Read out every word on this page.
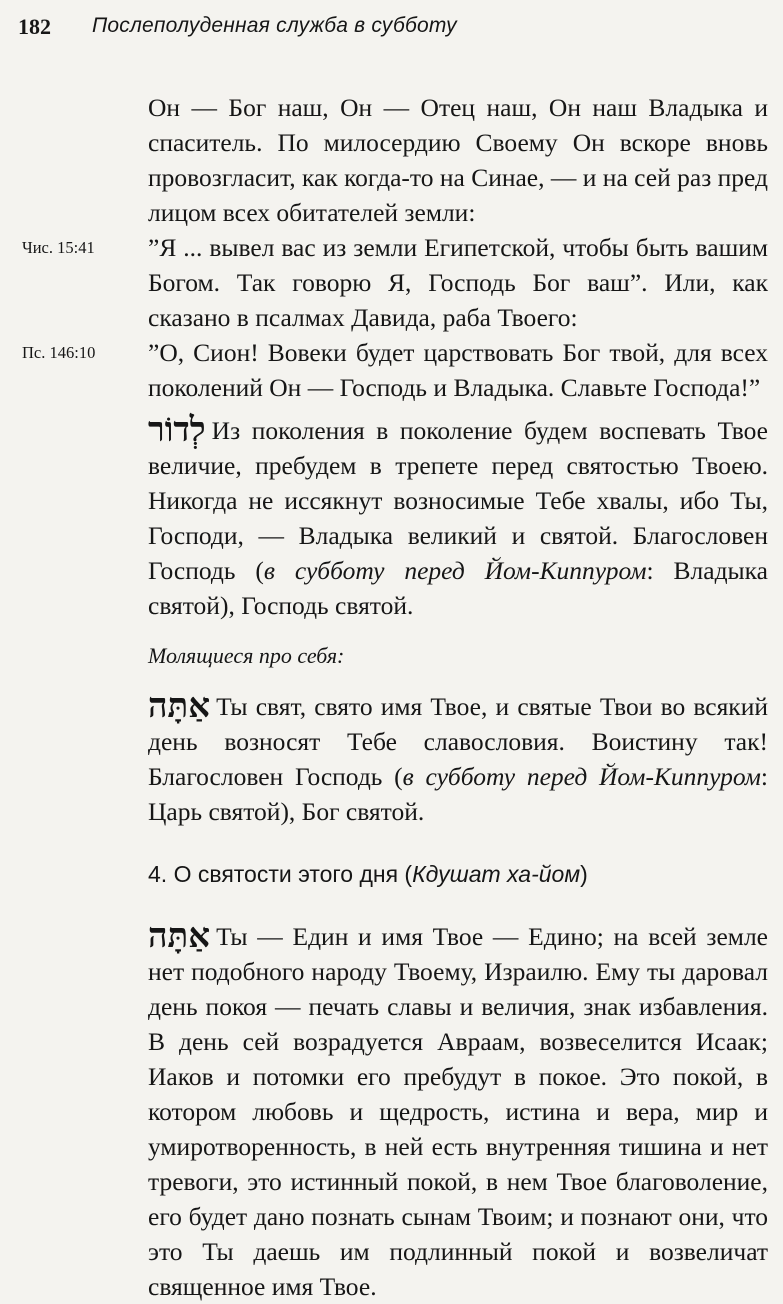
182 Послеполуденная служба в субботу

Он — Бог наш, Он — Отец наш, Он наш Владыка и спаситель. По милосердию Своему Он вскоре вновь провозгласит, как когда-то на Синае, — и на сей раз пред лицом всех обитателей земли:

Чис. 15:41 ”Я ... вывел вас из земли Египетской, чтобы быть вашим Богом. Так говорю Я, Господь Бог ваш”. Или, как сказано в псалмах Давида, раба Твоего:

Пс. 146:10 ”О, Сион! Вовеки будет царствовать Бог твой, для всех поколений Он — Господь и Владыка. Славьте Господа!”

לְדוֹר Из поколения в поколение будем воспевать Твое величие, пребудем в трепете перед святостью Твоею. Никогда не иссякнут возносимые Тебе хвалы, ибо Ты, Господи, — Владыка великий и святой. Благословен Господь (в субботу перед Йом-Киппуром: Владыка святой), Господь святой.

Молящиеся про себя:

אַתָּה Ты свят, свято имя Твое, и святые Твои во всякий день возносят Тебе славословия. Воистину так! Благословен Господь (в субботу перед Йом-Киппуром: Царь святой), Бог святой.

4. О святости этого дня (Кдушат ха-йом)

אַתָּה Ты — Един и имя Твое — Едино; на всей земле нет подобного народу Твоему, Израилю. Ему ты даровал день покоя — печать славы и величия, знак избавления. В день сей возрадуется Авраам, возвеселится Исаак; Иаков и потомки его пребудут в покое. Это покой, в котором любовь и щедрость, истина и вера, мир и умиротворенность, в ней есть внутренняя тишина и нет тревоги, это истинный покой, в нем Твое благоволение, его будет дано познать сынам Твоим; и познают они, что это Ты даешь им подлинный покой и возвеличат священное имя Твое.
